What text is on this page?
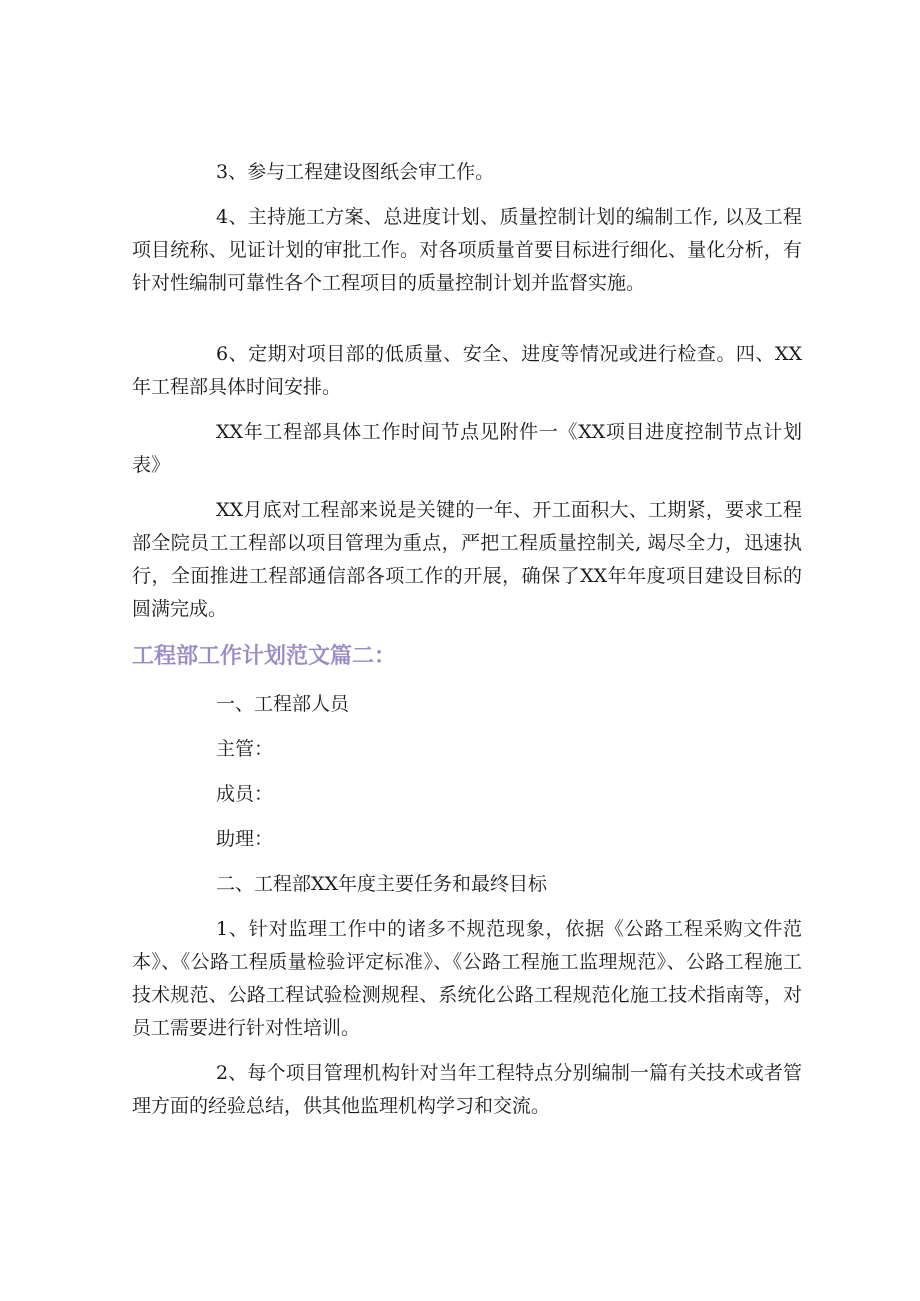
3、参与工程建设图纸会审工作。

4、主持施工方案、总进度计划、质量控制计划的编制工作, 以及工程项目统称、见证计划的审批工作。对各项质量首要目标进行细化、量化分析，有针对性编制可靠性各个工程项目的质量控制计划并监督实施。

6、定期对项目部的低质量、安全、进度等情况或进行检查。四、XX年工程部具体时间安排。

XX年工程部具体工作时间节点见附件一《XX项目进度控制节点计划表》

XX月底对工程部来说是关键的一年、开工面积大、工期紧，要求工程部全院员工工程部以项目管理为重点，严把工程质量控制关, 竭尽全力，迅速执行，全面推进工程部通信部各项工作的开展，确保了XX年年度项目建设目标的圆满完成。

工程部工作计划范文篇二：

一、工程部人员

主管：

成员：

助理：

二、工程部XX年度主要任务和最终目标

1、针对监理工作中的诸多不规范现象，依据《公路工程采购文件范本》、《公路工程质量检验评定标准》、《公路工程施工监理规范》、公路工程施工技术规范、公路工程试验检测规程、系统化公路工程规范化施工技术指南等，对员工需要进行针对性培训。

2、每个项目管理机构针对当年工程特点分别编制一篇有关技术或者管理方面的经验总结，供其他监理机构学习和交流。
